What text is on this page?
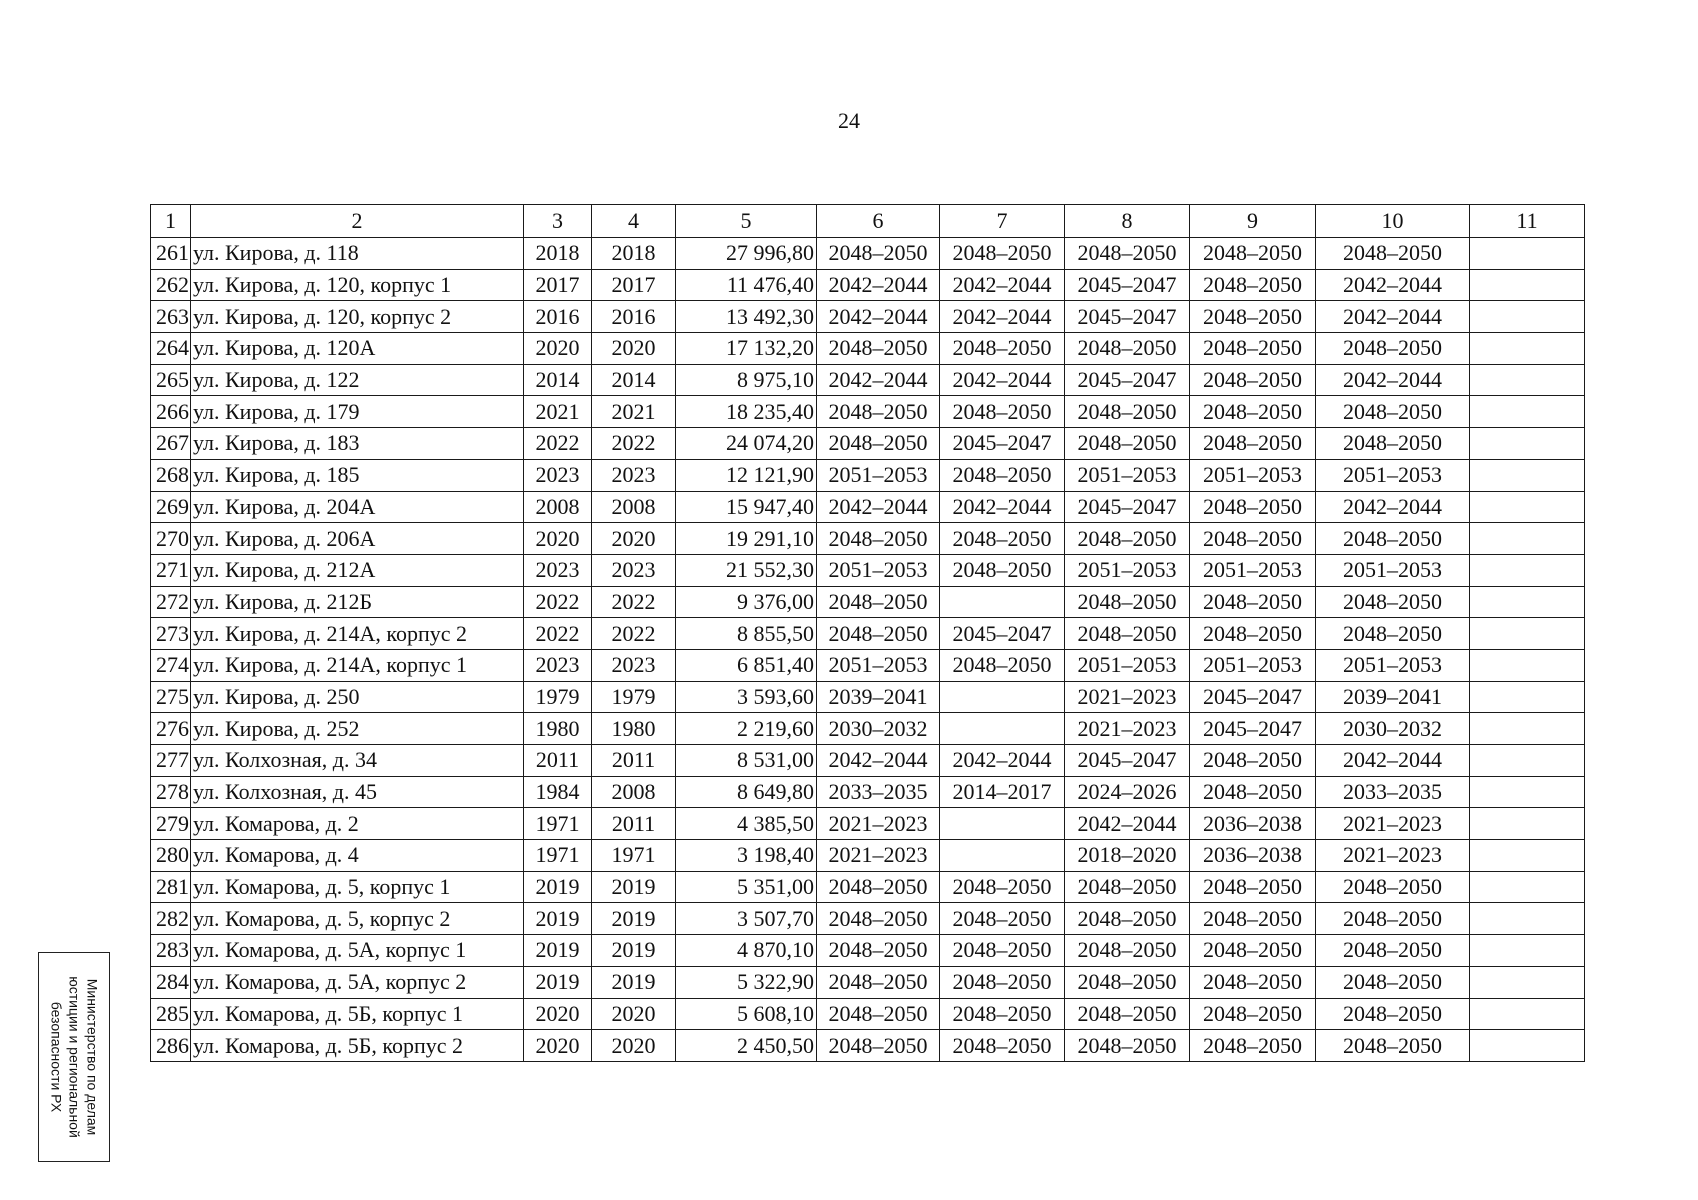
24
1	2	3	4	5	6	7	8	9	10	11
261	ул. Кирова, д. 118	2018	2018	27 996,80	2048–2050	2048–2050	2048–2050	2048–2050	2048–2050	
262	ул. Кирова, д. 120, корпус 1	2017	2017	11 476,40	2042–2044	2042–2044	2045–2047	2048–2050	2042–2044	
263	ул. Кирова, д. 120, корпус 2	2016	2016	13 492,30	2042–2044	2042–2044	2045–2047	2048–2050	2042–2044	
264	ул. Кирова, д. 120А	2020	2020	17 132,20	2048–2050	2048–2050	2048–2050	2048–2050	2048–2050	
265	ул. Кирова, д. 122	2014	2014	8 975,10	2042–2044	2042–2044	2045–2047	2048–2050	2042–2044	
266	ул. Кирова, д. 179	2021	2021	18 235,40	2048–2050	2048–2050	2048–2050	2048–2050	2048–2050	
267	ул. Кирова, д. 183	2022	2022	24 074,20	2048–2050	2045–2047	2048–2050	2048–2050	2048–2050	
268	ул. Кирова, д. 185	2023	2023	12 121,90	2051–2053	2048–2050	2051–2053	2051–2053	2051–2053	
269	ул. Кирова, д. 204А	2008	2008	15 947,40	2042–2044	2042–2044	2045–2047	2048–2050	2042–2044	
270	ул. Кирова, д. 206А	2020	2020	19 291,10	2048–2050	2048–2050	2048–2050	2048–2050	2048–2050	
271	ул. Кирова, д. 212А	2023	2023	21 552,30	2051–2053	2048–2050	2051–2053	2051–2053	2051–2053	
272	ул. Кирова, д. 212Б	2022	2022	9 376,00	2048–2050		2048–2050	2048–2050	2048–2050	
273	ул. Кирова, д. 214А, корпус 2	2022	2022	8 855,50	2048–2050	2045–2047	2048–2050	2048–2050	2048–2050	
274	ул. Кирова, д. 214А, корпус 1	2023	2023	6 851,40	2051–2053	2048–2050	2051–2053	2051–2053	2051–2053	
275	ул. Кирова, д. 250	1979	1979	3 593,60	2039–2041		2021–2023	2045–2047	2039–2041	
276	ул. Кирова, д. 252	1980	1980	2 219,60	2030–2032		2021–2023	2045–2047	2030–2032	
277	ул. Колхозная, д. 34	2011	2011	8 531,00	2042–2044	2042–2044	2045–2047	2048–2050	2042–2044	
278	ул. Колхозная, д. 45	1984	2008	8 649,80	2033–2035	2014–2017	2024–2026	2048–2050	2033–2035	
279	ул. Комарова, д. 2	1971	2011	4 385,50	2021–2023		2042–2044	2036–2038	2021–2023	
280	ул. Комарова, д. 4	1971	1971	3 198,40	2021–2023		2018–2020	2036–2038	2021–2023	
281	ул. Комарова, д. 5, корпус 1	2019	2019	5 351,00	2048–2050	2048–2050	2048–2050	2048–2050	2048–2050	
282	ул. Комарова, д. 5, корпус 2	2019	2019	3 507,70	2048–2050	2048–2050	2048–2050	2048–2050	2048–2050	
283	ул. Комарова, д. 5А, корпус 1	2019	2019	4 870,10	2048–2050	2048–2050	2048–2050	2048–2050	2048–2050	
284	ул. Комарова, д. 5А, корпус 2	2019	2019	5 322,90	2048–2050	2048–2050	2048–2050	2048–2050	2048–2050	
285	ул. Комарова, д. 5Б, корпус 1	2020	2020	5 608,10	2048–2050	2048–2050	2048–2050	2048–2050	2048–2050	
286	ул. Комарова, д. 5Б, корпус 2	2020	2020	2 450,50	2048–2050	2048–2050	2048–2050	2048–2050	2048–2050	
Министерство по делам
юстиции и региональной
безопасности РХ
